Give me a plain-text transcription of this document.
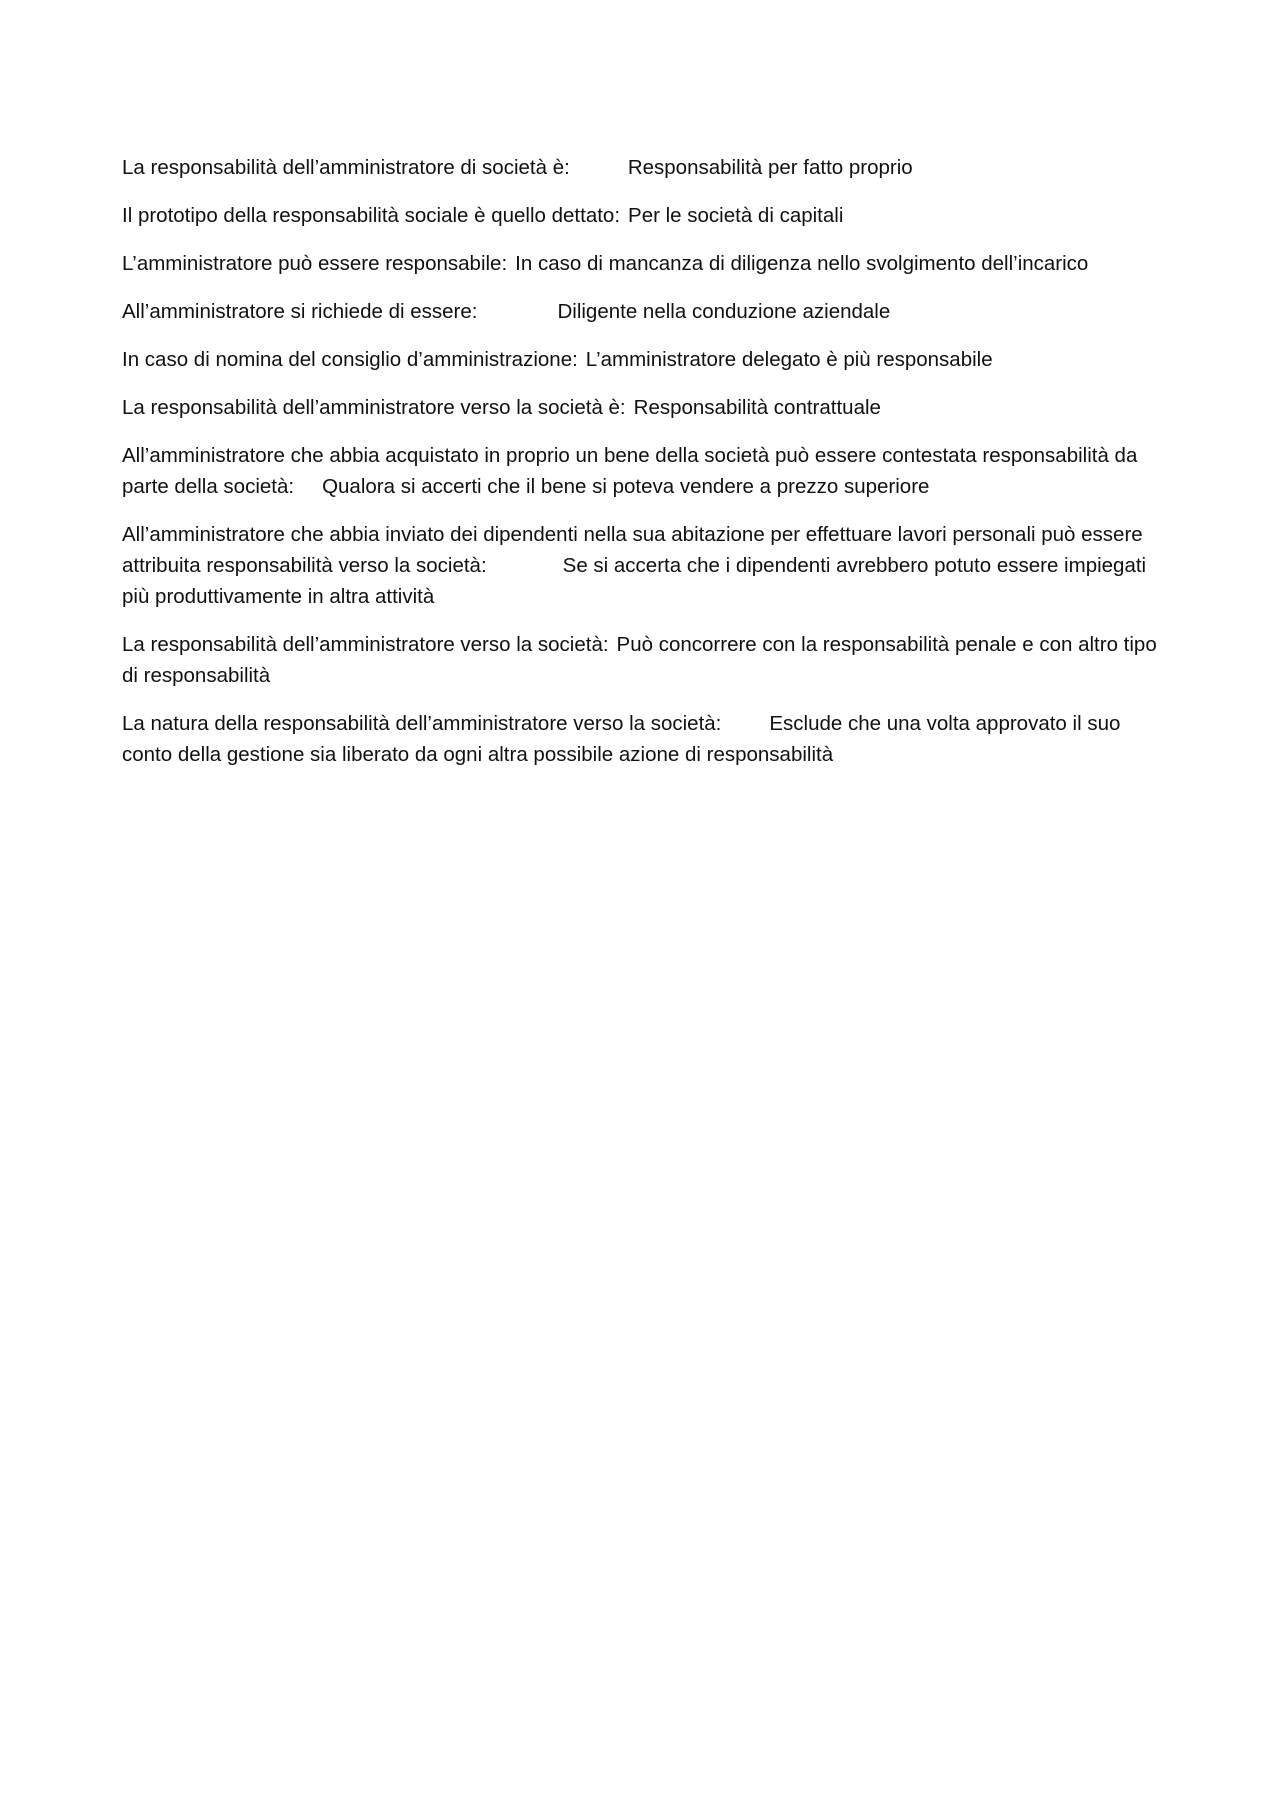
La responsabilità dell’amministratore di società è:	Responsabilità per fatto proprio

Il prototipo della responsabilità sociale è quello dettato: Per le società di capitali

L’amministratore può essere responsabile: In caso di mancanza di diligenza nello svolgimento dell’incarico

All’amministratore si richiede di essere:	Diligente nella conduzione aziendale

In caso di nomina del consiglio d’amministrazione: L’amministratore delegato è più responsabile

La responsabilità dell’amministratore verso la società è: Responsabilità contrattuale

All’amministratore che abbia acquistato in proprio un bene della società può essere contestata responsabilità da parte della società: Qualora si accerti che il bene si poteva vendere a prezzo superiore

All’amministratore che abbia inviato dei dipendenti nella sua abitazione per effettuare lavori personali può essere attribuita responsabilità verso la società:	Se si accerta che i dipendenti avrebbero potuto essere impiegati più produttivamente in altra attività

La responsabilità dell’amministratore verso la società: Può concorrere con la responsabilità penale e con altro tipo di responsabilità

La natura della responsabilità dell’amministratore verso la società: Esclude che una volta approvato il suo conto della gestione sia liberato da ogni altra possibile azione di responsabilità
